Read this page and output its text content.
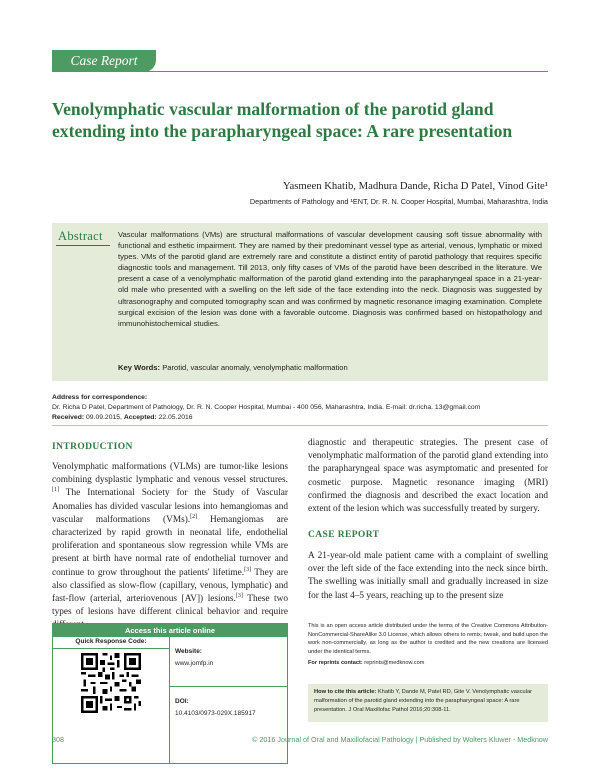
Case Report
Venolymphatic vascular malformation of the parotid gland extending into the parapharyngeal space: A rare presentation
Yasmeen Khatib, Madhura Dande, Richa D Patel, Vinod Gite¹
Departments of Pathology and ¹ENT, Dr. R. N. Cooper Hospital, Mumbai, Maharashtra, India
Abstract Vascular malformations (VMs) are structural malformations of vascular development causing soft tissue abnormality with functional and esthetic impairment. They are named by their predominant vessel type as arterial, venous, lymphatic or mixed types. VMs of the parotid gland are extremely rare and constitute a distinct entity of parotid pathology that requires specific diagnostic tools and management. Till 2013, only fifty cases of VMs of the parotid have been described in the literature. We present a case of a venolymphatic malformation of the parotid gland extending into the parapharyngeal space in a 21-year-old male who presented with a swelling on the left side of the face extending into the neck. Diagnosis was suggested by ultrasonography and computed tomography scan and was confirmed by magnetic resonance imaging examination. Complete surgical excision of the lesion was done with a favorable outcome. Diagnosis was confirmed based on histopathology and immunohistochemical studies.

Key Words: Parotid, vascular anomaly, venolymphatic malformation
Address for correspondence:
Dr. Richa D Patel, Department of Pathology, Dr. R. N. Cooper Hospital, Mumbai - 400 056, Maharashtra, India. E-mail: dr.richa. 13@gmail.com
Received: 09.09.2015, Accepted: 22.05.2016
INTRODUCTION

Venolymphatic malformations (VLMs) are tumor-like lesions combining dysplastic lymphatic and venous vessel structures.[1] The International Society for the Study of Vascular Anomalies has divided vascular lesions into hemangiomas and vascular malformations (VMs).[2] Hemangiomas are characterized by rapid growth in neonatal life, endothelial proliferation and spontaneous slow regression while VMs are present at birth have normal rate of endothelial turnover and continue to grow throughout the patients' lifetime.[3] They are also classified as slow-flow (capillary, venous, lymphatic) and fast-flow (arterial, arteriovenous [AV]) lesions.[3] These two types of lesions have different clinical behavior and require

diagnostic and therapeutic strategies. The present case of venolymphatic malformation of the parotid gland extending into the parapharyngeal space was asymptomatic and presented for cosmetic purpose. Magnetic resonance imaging (MRI) confirmed the diagnosis and described the exact location and extent of the lesion which was successfully treated by surgery.

CASE REPORT

A 21-year-old male patient came with a complaint of swelling over the left side of the face extending into the neck since birth. The swelling was initially small and gradually increased in size for the last 4–5 years, reaching up to the present size

Access this article online
Quick Response Code:
Website:
www.jomfp.in
DOI:
10.4103/0973-029X.185917
This is an open access article distributed under the terms of the Creative Commons Attribution-NonCommercial-ShareAlike 3.0 License, which allows others to remix, tweak, and build upon the work non-commercially, as long as the author is credited and the new creations are licensed under the identical terms.
For reprints contact: reprints@medknow.com

How to cite this article: Khatib Y, Dande M, Patel RD, Gite V. Venolymphatic vascular malformation of the parotid gland extending into the parapharyngeal space: A rare presentation. J Oral Maxillofac Pathol 2016;20:308-11.

308	© 2016 Journal of Oral and Maxillofacial Pathology | Published by Wolters Kluwer - Medknow
